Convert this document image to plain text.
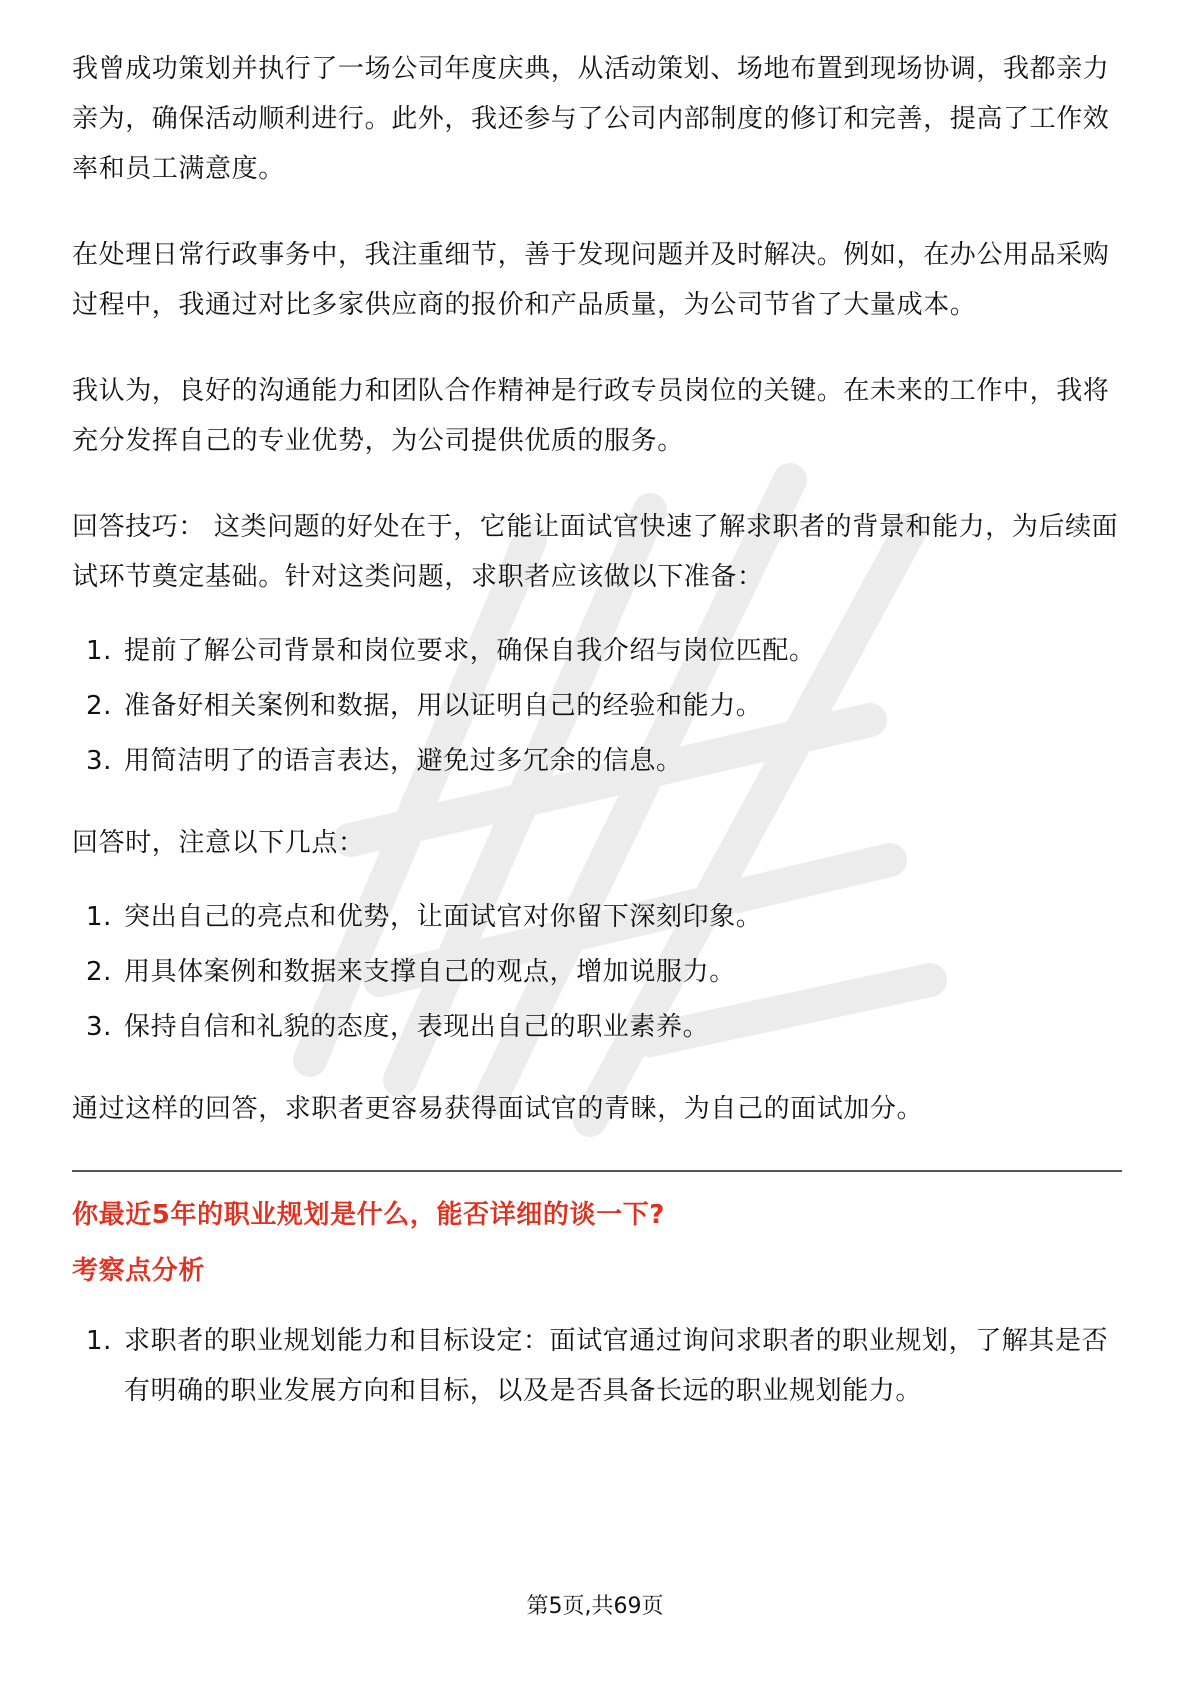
我曾成功策划并执行了一场公司年度庆典，从活动策划、场地布置到现场协调，我都亲力亲为，确保活动顺利进行。此外，我还参与了公司内部制度的修订和完善，提高了工作效率和员工满意度。

在处理日常行政事务中，我注重细节，善于发现问题并及时解决。例如，在办公用品采购过程中，我通过对比多家供应商的报价和产品质量，为公司节省了大量成本。

我认为，良好的沟通能力和团队合作精神是行政专员岗位的关键。在未来的工作中，我将充分发挥自己的专业优势，为公司提供优质的服务。

回答技巧： 这类问题的好处在于，它能让面试官快速了解求职者的背景和能力，为后续面试环节奠定基础。针对这类问题，求职者应该做以下准备：

1. 提前了解公司背景和岗位要求，确保自我介绍与岗位匹配。
2. 准备好相关案例和数据，用以证明自己的经验和能力。
3. 用简洁明了的语言表达，避免过多冗余的信息。

回答时，注意以下几点：

1. 突出自己的亮点和优势，让面试官对你留下深刻印象。
2. 用具体案例和数据来支撑自己的观点，增加说服力。
3. 保持自信和礼貌的态度，表现出自己的职业素养。

通过这样的回答，求职者更容易获得面试官的青睐，为自己的面试加分。

你最近5年的职业规划是什么，能否详细的谈一下?

考察点分析

1. 求职者的职业规划能力和目标设定：面试官通过询问求职者的职业规划，了解其是否有明确的职业发展方向和目标，以及是否具备长远的职业规划能力。
第5页,共69页
